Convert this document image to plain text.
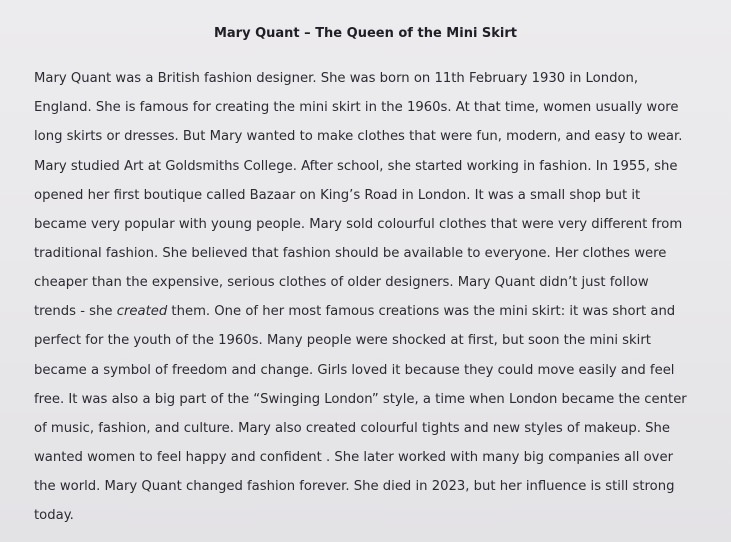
Mary Quant – The Queen of the Mini Skirt
Mary Quant was a British fashion designer. She was born on 11th February 1930 in London,
England. She is famous for creating the mini skirt in the 1960s. At that time, women usually wore
long skirts or dresses. But Mary wanted to make clothes that were fun, modern, and easy to wear.
Mary studied Art at Goldsmiths College. After school, she started working in fashion. In 1955, she
opened her first boutique called Bazaar on King’s Road in London. It was a small shop but it
became very popular with young people. Mary sold colourful clothes that were very different from
traditional fashion. She believed that fashion should be available to everyone. Her clothes were
cheaper than the expensive, serious clothes of older designers. Mary Quant didn’t just follow
trends - she created them. One of her most famous creations was the mini skirt: it was short and
perfect for the youth of the 1960s. Many people were shocked at first, but soon the mini skirt
became a symbol of freedom and change. Girls loved it because they could move easily and feel
free. It was also a big part of the “Swinging London” style, a time when London became the center
of music, fashion, and culture. Mary also created colourful tights and new styles of makeup. She
wanted women to feel happy and confident . She later worked with many big companies all over
the world. Mary Quant changed fashion forever. She died in 2023, but her influence is still strong
today.
